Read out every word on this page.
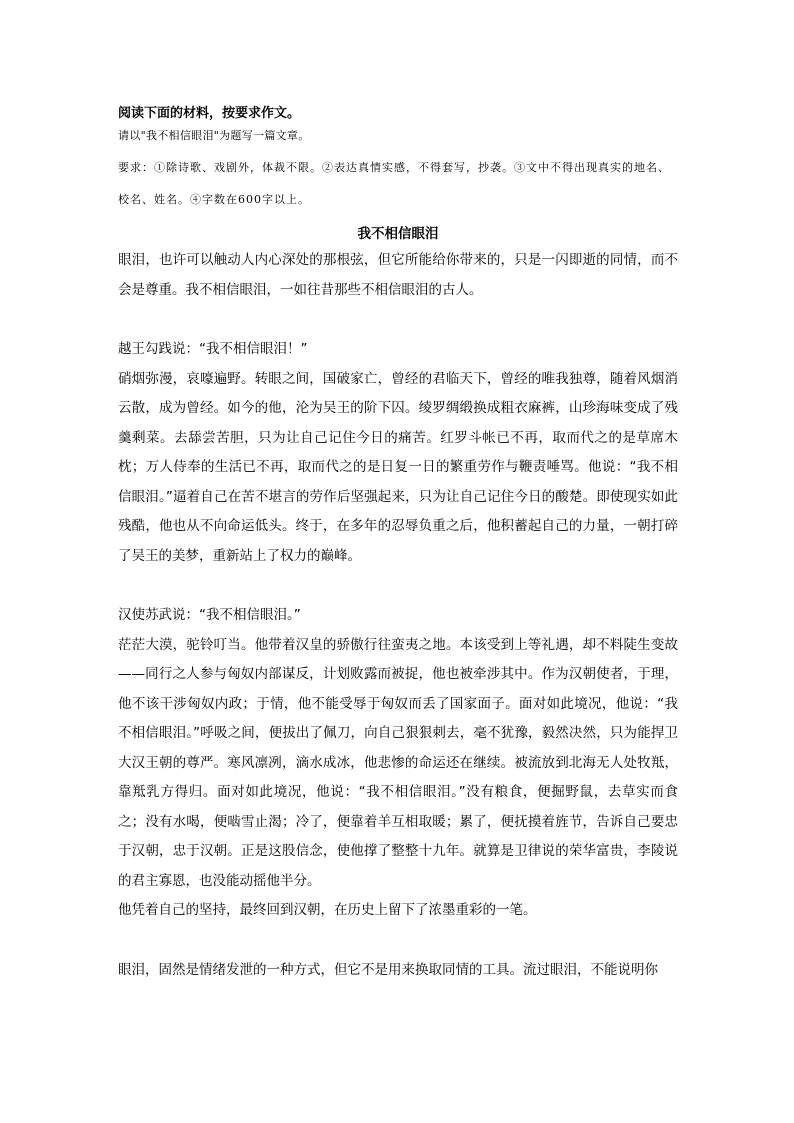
阅读下面的材料，按要求作文。
请以"我不相信眼泪"为题写一篇文章。
要求：①除诗歌、戏剧外，体裁不限。②表达真情实感，不得套写，抄袭。③文中不得出现真实的地名、校名、姓名。④字数在600字以上。
我不相信眼泪

眼泪，也许可以触动人内心深处的那根弦，但它所能给你带来的，只是一闪即逝的同情，而不会是尊重。我不相信眼泪，一如往昔那些不相信眼泪的古人。

越王勾践说：“我不相信眼泪！”

硝烟弥漫，哀嚎遍野。转眼之间，国破家亡，曾经的君临天下，曾经的唯我独尊，随着风烟消云散，成为曾经。如今的他，沦为吴王的阶下囚。绫罗绸缎换成粗衣麻裤，山珍海味变成了残羹剩菜。去舔尝苦胆，只为让自己记住今日的痛苦。红罗斗帐已不再，取而代之的是草席木枕；万人侍奉的生活已不再，取而代之的是日复一日的繁重劳作与鞭责唾骂。他说：“我不相信眼泪。”逼着自己在苦不堪言的劳作后坚强起来，只为让自己记住今日的酸楚。即使现实如此残酷，他也从不向命运低头。终于，在多年的忍辱负重之后，他积蓄起自己的力量，一朝打碎了吴王的美梦，重新站上了权力的巅峰。

汉使苏武说：“我不相信眼泪。”

茫茫大漠，驼铃叮当。他带着汉皇的骄傲行往蛮夷之地。本该受到上等礼遇，却不料陡生变故——同行之人参与匈奴内部谋反，计划败露而被捉，他也被牵涉其中。作为汉朝使者，于理，他不该干涉匈奴内政；于情，他不能受辱于匈奴而丢了国家面子。面对如此境况，他说：“我不相信眼泪。”呼吸之间，便拔出了佩刀，向自己狠狠刺去，毫不犹豫，毅然决然，只为能捍卫大汉王朝的尊严。寒风凛冽，滴水成冰，他悲惨的命运还在继续。被流放到北海无人处牧羝，靠羝乳方得归。面对如此境况，他说：“我不相信眼泪。”没有粮食，便掘野鼠，去草实而食之；没有水喝，便啮雪止渴；冷了，便靠着羊互相取暖；累了，便抚摸着旌节，告诉自己要忠于汉朝，忠于汉朝。正是这股信念，使他撑了整整十九年。就算是卫律说的荣华富贵，李陵说的君主寡恩，也没能动摇他半分。

他凭着自己的坚持，最终回到汉朝，在历史上留下了浓墨重彩的一笔。

眼泪，固然是情绪发泄的一种方式，但它不是用来换取同情的工具。流过眼泪，不能说明你
